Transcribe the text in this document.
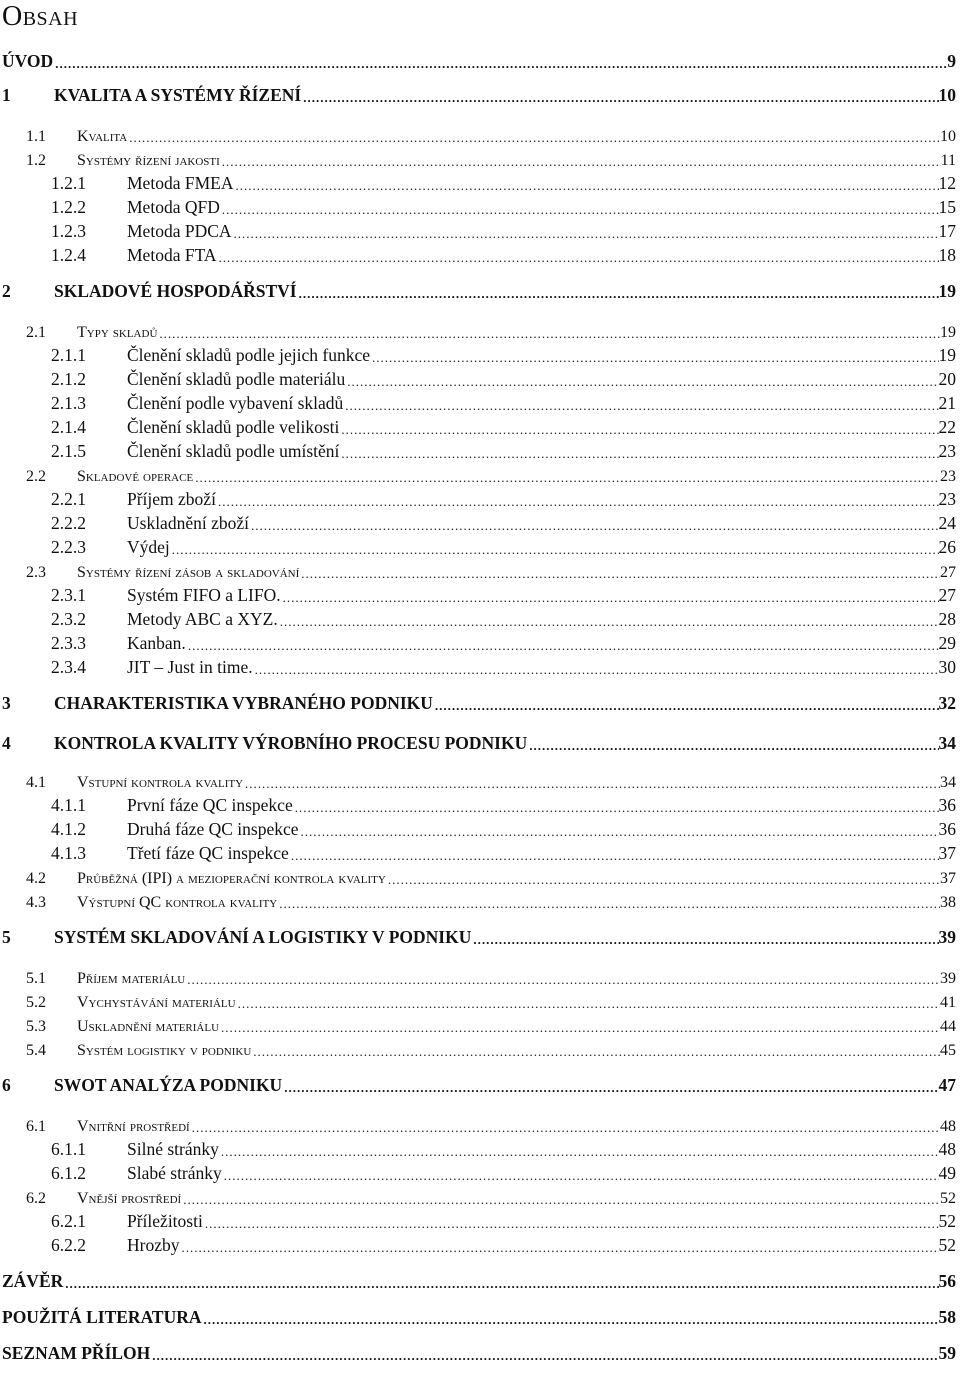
Obsah
ÚVOD .....	9
1	KVALITA A SYSTÉMY ŘÍZENÍ .....	10
1.1	Kvalita .....	10
1.2	Systémy řízení jakosti .....	11
1.2.1	Metoda FMEA .....	12
1.2.2	Metoda QFD .....	15
1.2.3	Metoda PDCA .....	17
1.2.4	Metoda FTA .....	18
2	SKLADOVÉ HOSPODÁŘSTVÍ .....	19
2.1	Typy skladů .....	19
2.1.1	Členění skladů podle jejich funkce .....	19
2.1.2	Členění skladů podle materiálu .....	20
2.1.3	Členění podle vybavení skladů .....	21
2.1.4	Členění skladů podle velikosti .....	22
2.1.5	Členění skladů podle umístění .....	23
2.2	Skladové operace .....	23
2.2.1	Příjem zboží .....	23
2.2.2	Uskladnění zboží .....	24
2.2.3	Výdej .....	26
2.3	Systémy řízení zásob a skladování .....	27
2.3.1	Systém FIFO a LIFO. .....	27
2.3.2	Metody ABC a XYZ. .....	28
2.3.3	Kanban. .....	29
2.3.4	JIT – Just in time. .....	30
3	CHARAKTERISTIKA VYBRANÉHO PODNIKU .....	32
4	KONTROLA KVALITY VÝROBNÍHO PROCESU PODNIKU .....	34
4.1	Vstupní kontrola kvality .....	34
4.1.1	První fáze QC inspekce .....	36
4.1.2	Druhá fáze QC inspekce .....	36
4.1.3	Třetí fáze QC inspekce .....	37
4.2	Průběžná (IPI) a mezioperační kontrola kvality .....	37
4.3	Výstupní QC kontrola kvality .....	38
5	SYSTÉM SKLADOVÁNÍ A LOGISTIKY V PODNIKU .....	39
5.1	Příjem materiálu .....	39
5.2	Vychystávání materiálu .....	41
5.3	Uskladnění materiálu .....	44
5.4	Systém logistiky v podniku .....	45
6	SWOT ANALÝZA PODNIKU .....	47
6.1	Vnitřní prostředí .....	48
6.1.1	Silné stránky .....	48
6.1.2	Slabé stránky .....	49
6.2	Vnější prostředí .....	52
6.2.1	Příležitosti .....	52
6.2.2	Hrozby .....	52
ZÁVĚR .....	56
POUŽITÁ LITERATURA .....	58
SEZNAM PŘÍLOH .....	59
